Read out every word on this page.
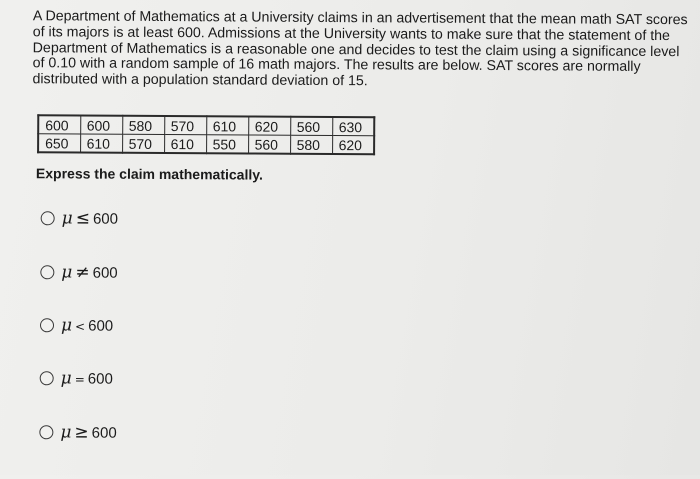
A Department of Mathematics at a University claims in an advertisement that the mean math SAT scores of its majors is at least 600. Admissions at the University wants to make sure that the statement of the Department of Mathematics is a reasonable one and decides to test the claim using a significance level of 0.10 with a random sample of 16 math majors. The results are below. SAT scores are normally distributed with a population standard deviation of 15.

600	600	580	570	610	620	560	630
650	610	570	610	550	560	580	620

Express the claim mathematically.

μ ≤ 600
μ ≠ 600
μ < 600
μ = 600
μ ≥ 600
